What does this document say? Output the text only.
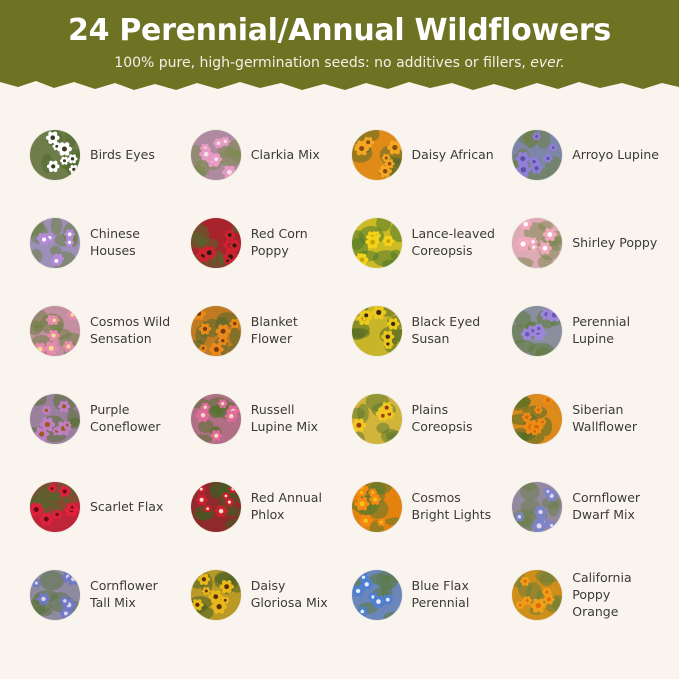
24 Perennial/Annual Wildflowers

100% pure, high-germination seeds: no additives or fillers, ever.

Birds Eyes	Clarkia Mix	Daisy African	Arroyo Lupine
Chinese Houses
Red Corn Poppy
Lance-leaved Coreopsis
Shirley Poppy
Cosmos Wild Sensation
Blanket Flower
Black Eyed Susan
Perennial Lupine
Purple Coneflower
Russell Lupine Mix
Plains Coreopsis
Siberian Wallflower
Scarlet Flax
Red Annual Phlox
Cosmos Bright Lights
Cornflower Dwarf Mix
Cornflower Tall Mix
Daisy Gloriosa Mix
Blue Flax Perennial
California Poppy Orange
